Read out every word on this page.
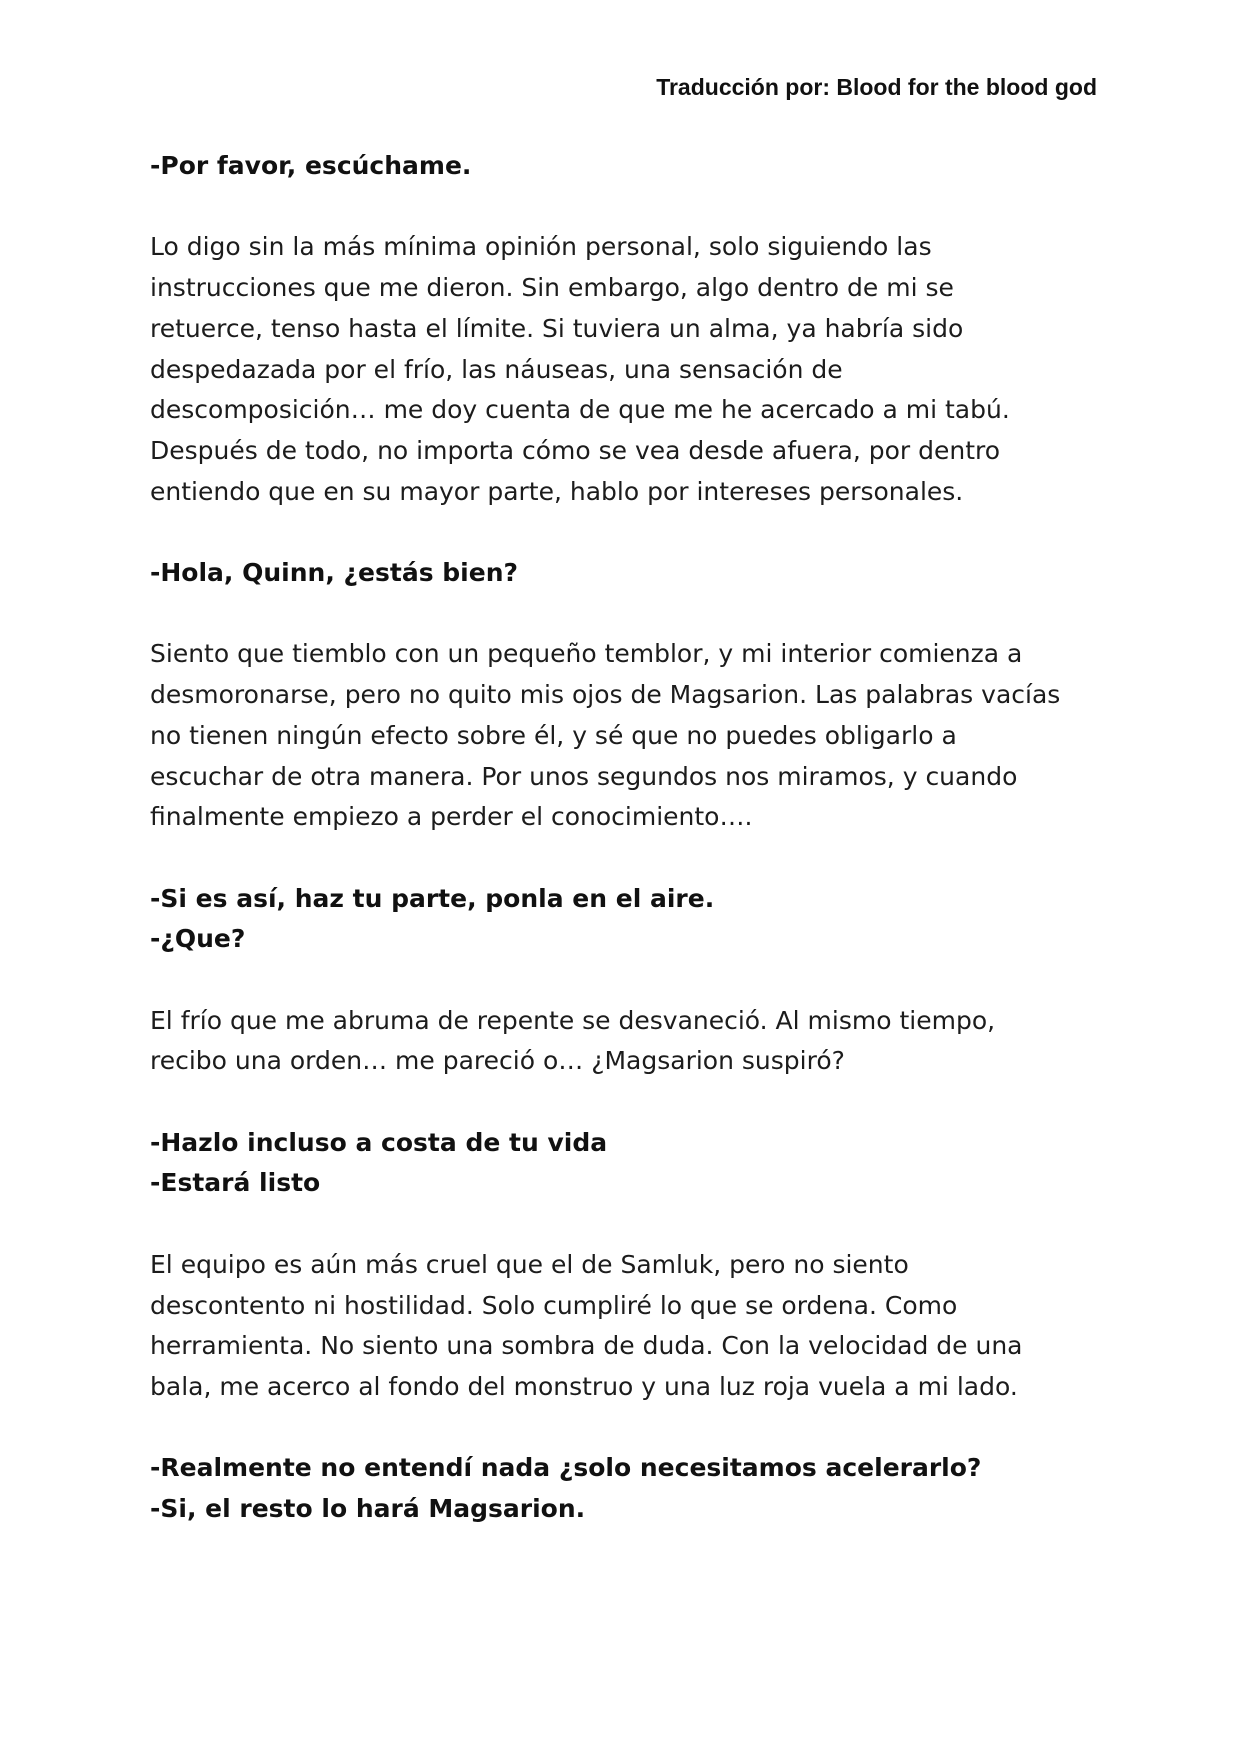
Traducción por: Blood for the blood god

-Por favor, escúchame.

Lo digo sin la más mínima opinión personal, solo siguiendo las
instrucciones que me dieron. Sin embargo, algo dentro de mi se
retuerce, tenso hasta el límite. Si tuviera un alma, ya habría sido
despedazada por el frío, las náuseas, una sensación de
descomposición… me doy cuenta de que me he acercado a mi tabú.
Después de todo, no importa cómo se vea desde afuera, por dentro
entiendo que en su mayor parte, hablo por intereses personales.

-Hola, Quinn, ¿estás bien?

Siento que tiemblo con un pequeño temblor, y mi interior comienza a
desmoronarse, pero no quito mis ojos de Magsarion. Las palabras vacías
no tienen ningún efecto sobre él, y sé que no puedes obligarlo a
escuchar de otra manera. Por unos segundos nos miramos, y cuando
finalmente empiezo a perder el conocimiento….

-Si es así, haz tu parte, ponla en el aire.
-¿Que?

El frío que me abruma de repente se desvaneció. Al mismo tiempo,
recibo una orden… me pareció o… ¿Magsarion suspiró?

-Hazlo incluso a costa de tu vida
-Estará listo

El equipo es aún más cruel que el de Samluk, pero no siento
descontento ni hostilidad. Solo cumpliré lo que se ordena. Como
herramienta. No siento una sombra de duda. Con la velocidad de una
bala, me acerco al fondo del monstruo y una luz roja vuela a mi lado.

-Realmente no entendí nada ¿solo necesitamos acelerarlo?
-Si, el resto lo hará Magsarion.
